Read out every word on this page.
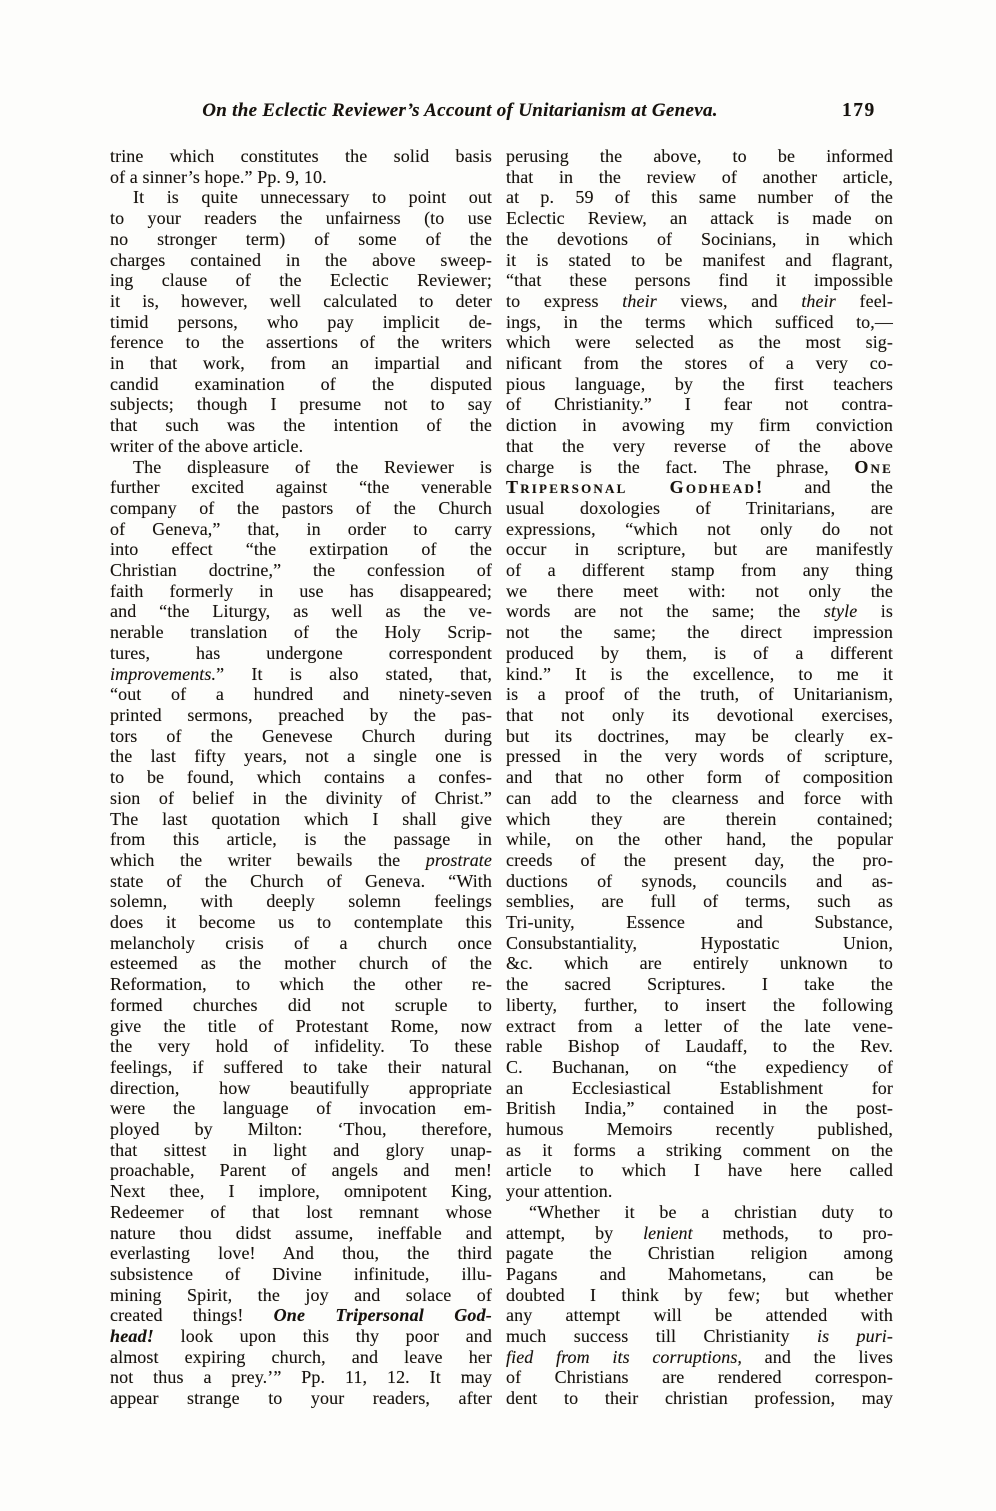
On the Eclectic Reviewer’s Account of Unitarianism at Geneva.	179
trine which constitutes the solid basis
of a sinner’s hope.” Pp. 9, 10.
It is quite unnecessary to point out
to your readers the unfairness (to use
no stronger term) of some of the
charges contained in the above sweep-
ing clause of the Eclectic Reviewer;
it is, however, well calculated to deter
timid persons, who pay implicit de-
ference to the assertions of the writers
in that work, from an impartial and
candid examination of the disputed
subjects; though I presume not to say
that such was the intention of the
writer of the above article.
The displeasure of the Reviewer is
further excited against “the venerable
company of the pastors of the Church
of Geneva,” that, in order to carry
into effect “the extirpation of the
Christian doctrine,” the confession of
faith formerly in use has disappeared;
and “the Liturgy, as well as the ve-
nerable translation of the Holy Scrip-
tures, has undergone correspondent
improvements.” It is also stated, that,
“out of a hundred and ninety-seven
printed sermons, preached by the pas-
tors of the Genevese Church during
the last fifty years, not a single one is
to be found, which contains a confes-
sion of belief in the divinity of Christ.”
The last quotation which I shall give
from this article, is the passage in
which the writer bewails the prostrate
state of the Church of Geneva. “With
solemn, with deeply solemn feelings
does it become us to contemplate this
melancholy crisis of a church once
esteemed as the mother church of the
Reformation, to which the other re-
formed churches did not scruple to
give the title of Protestant Rome, now
the very hold of infidelity. To these
feelings, if suffered to take their natural
direction, how beautifully appropriate
were the language of invocation em-
ployed by Milton: ‘Thou, therefore,
that sittest in light and glory unap-
proachable, Parent of angels and men!
Next thee, I implore, omnipotent King,
Redeemer of that lost remnant whose
nature thou didst assume, ineffable and
everlasting love! And thou, the third
subsistence of Divine infinitude, illu-
mining Spirit, the joy and solace of
created things! One Tripersonal God-
head! look upon this thy poor and
almost expiring church, and leave her
not thus a prey.’” Pp. 11, 12. It may
appear strange to your readers, after
perusing the above, to be informed
that in the review of another article,
at p. 59 of this same number of the
Eclectic Review, an attack is made on
the devotions of Socinians, in which
it is stated to be manifest and flagrant,
“that these persons find it impossible
to express their views, and their feel-
ings, in the terms which sufficed to,—
which were selected as the most sig-
nificant from the stores of a very co-
pious language, by the first teachers
of Christianity.” I fear not contra-
diction in avowing my firm conviction
that the very reverse of the above
charge is the fact. The phrase, One
Tripersonal Godhead! and the
usual doxologies of Trinitarians, are
expressions, “which not only do not
occur in scripture, but are manifestly
of a different stamp from any thing
we there meet with: not only the
words are not the same; the style is
not the same; the direct impression
produced by them, is of a different
kind.” It is the excellence, to me it
is a proof of the truth, of Unitarianism,
that not only its devotional exercises,
but its doctrines, may be clearly ex-
pressed in the very words of scripture,
and that no other form of composition
can add to the clearness and force with
which they are therein contained;
while, on the other hand, the popular
creeds of the present day, the pro-
ductions of synods, councils and as-
semblies, are full of terms, such as
Tri-unity, Essence and Substance,
Consubstantiality, Hypostatic Union,
&c. which are entirely unknown to
the sacred Scriptures. I take the
liberty, further, to insert the following
extract from a letter of the late vene-
rable Bishop of Laudaff, to the Rev.
C. Buchanan, on “the expediency of
an Ecclesiastical Establishment for
British India,” contained in the post-
humous Memoirs recently published,
as it forms a striking comment on the
article to which I have here called
your attention.
“Whether it be a christian duty to
attempt, by lenient methods, to pro-
pagate the Christian religion among
Pagans and Mahometans, can be
doubted I think by few; but whether
any attempt will be attended with
much success till Christianity is puri-
fied from its corruptions, and the lives
of Christians are rendered correspon-
dent to their christian profession, may
